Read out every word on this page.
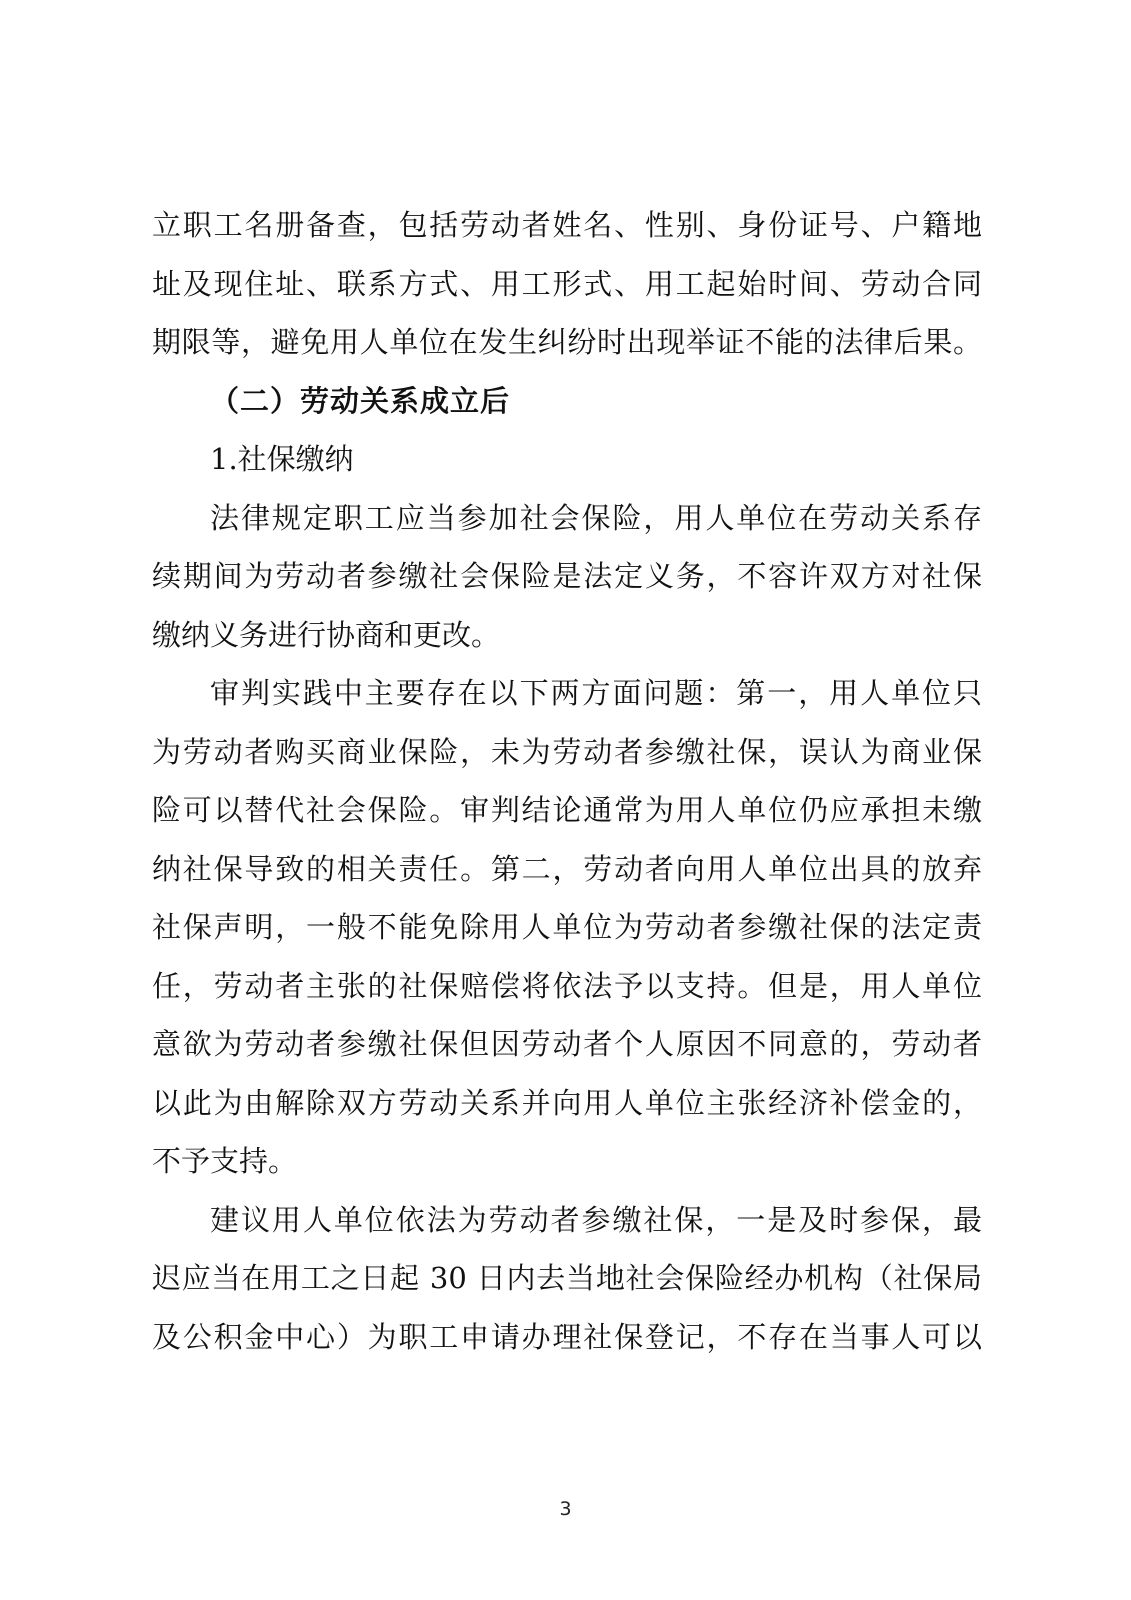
立职工名册备查，包括劳动者姓名、性别、身份证号、户籍地
址及现住址、联系方式、用工形式、用工起始时间、劳动合同
期限等，避免用人单位在发生纠纷时出现举证不能的法律后果。
（二）劳动关系成立后
1.社保缴纳
法律规定职工应当参加社会保险，用人单位在劳动关系存
续期间为劳动者参缴社会保险是法定义务，不容许双方对社保
缴纳义务进行协商和更改。
审判实践中主要存在以下两方面问题：第一，用人单位只
为劳动者购买商业保险，未为劳动者参缴社保，误认为商业保
险可以替代社会保险。审判结论通常为用人单位仍应承担未缴
纳社保导致的相关责任。第二，劳动者向用人单位出具的放弃
社保声明，一般不能免除用人单位为劳动者参缴社保的法定责
任，劳动者主张的社保赔偿将依法予以支持。但是，用人单位
意欲为劳动者参缴社保但因劳动者个人原因不同意的，劳动者
以此为由解除双方劳动关系并向用人单位主张经济补偿金的，
不予支持。
建议用人单位依法为劳动者参缴社保，一是及时参保，最
迟应当在用工之日起 30 日内去当地社会保险经办机构（社保局
及公积金中心）为职工申请办理社保登记，不存在当事人可以
3
